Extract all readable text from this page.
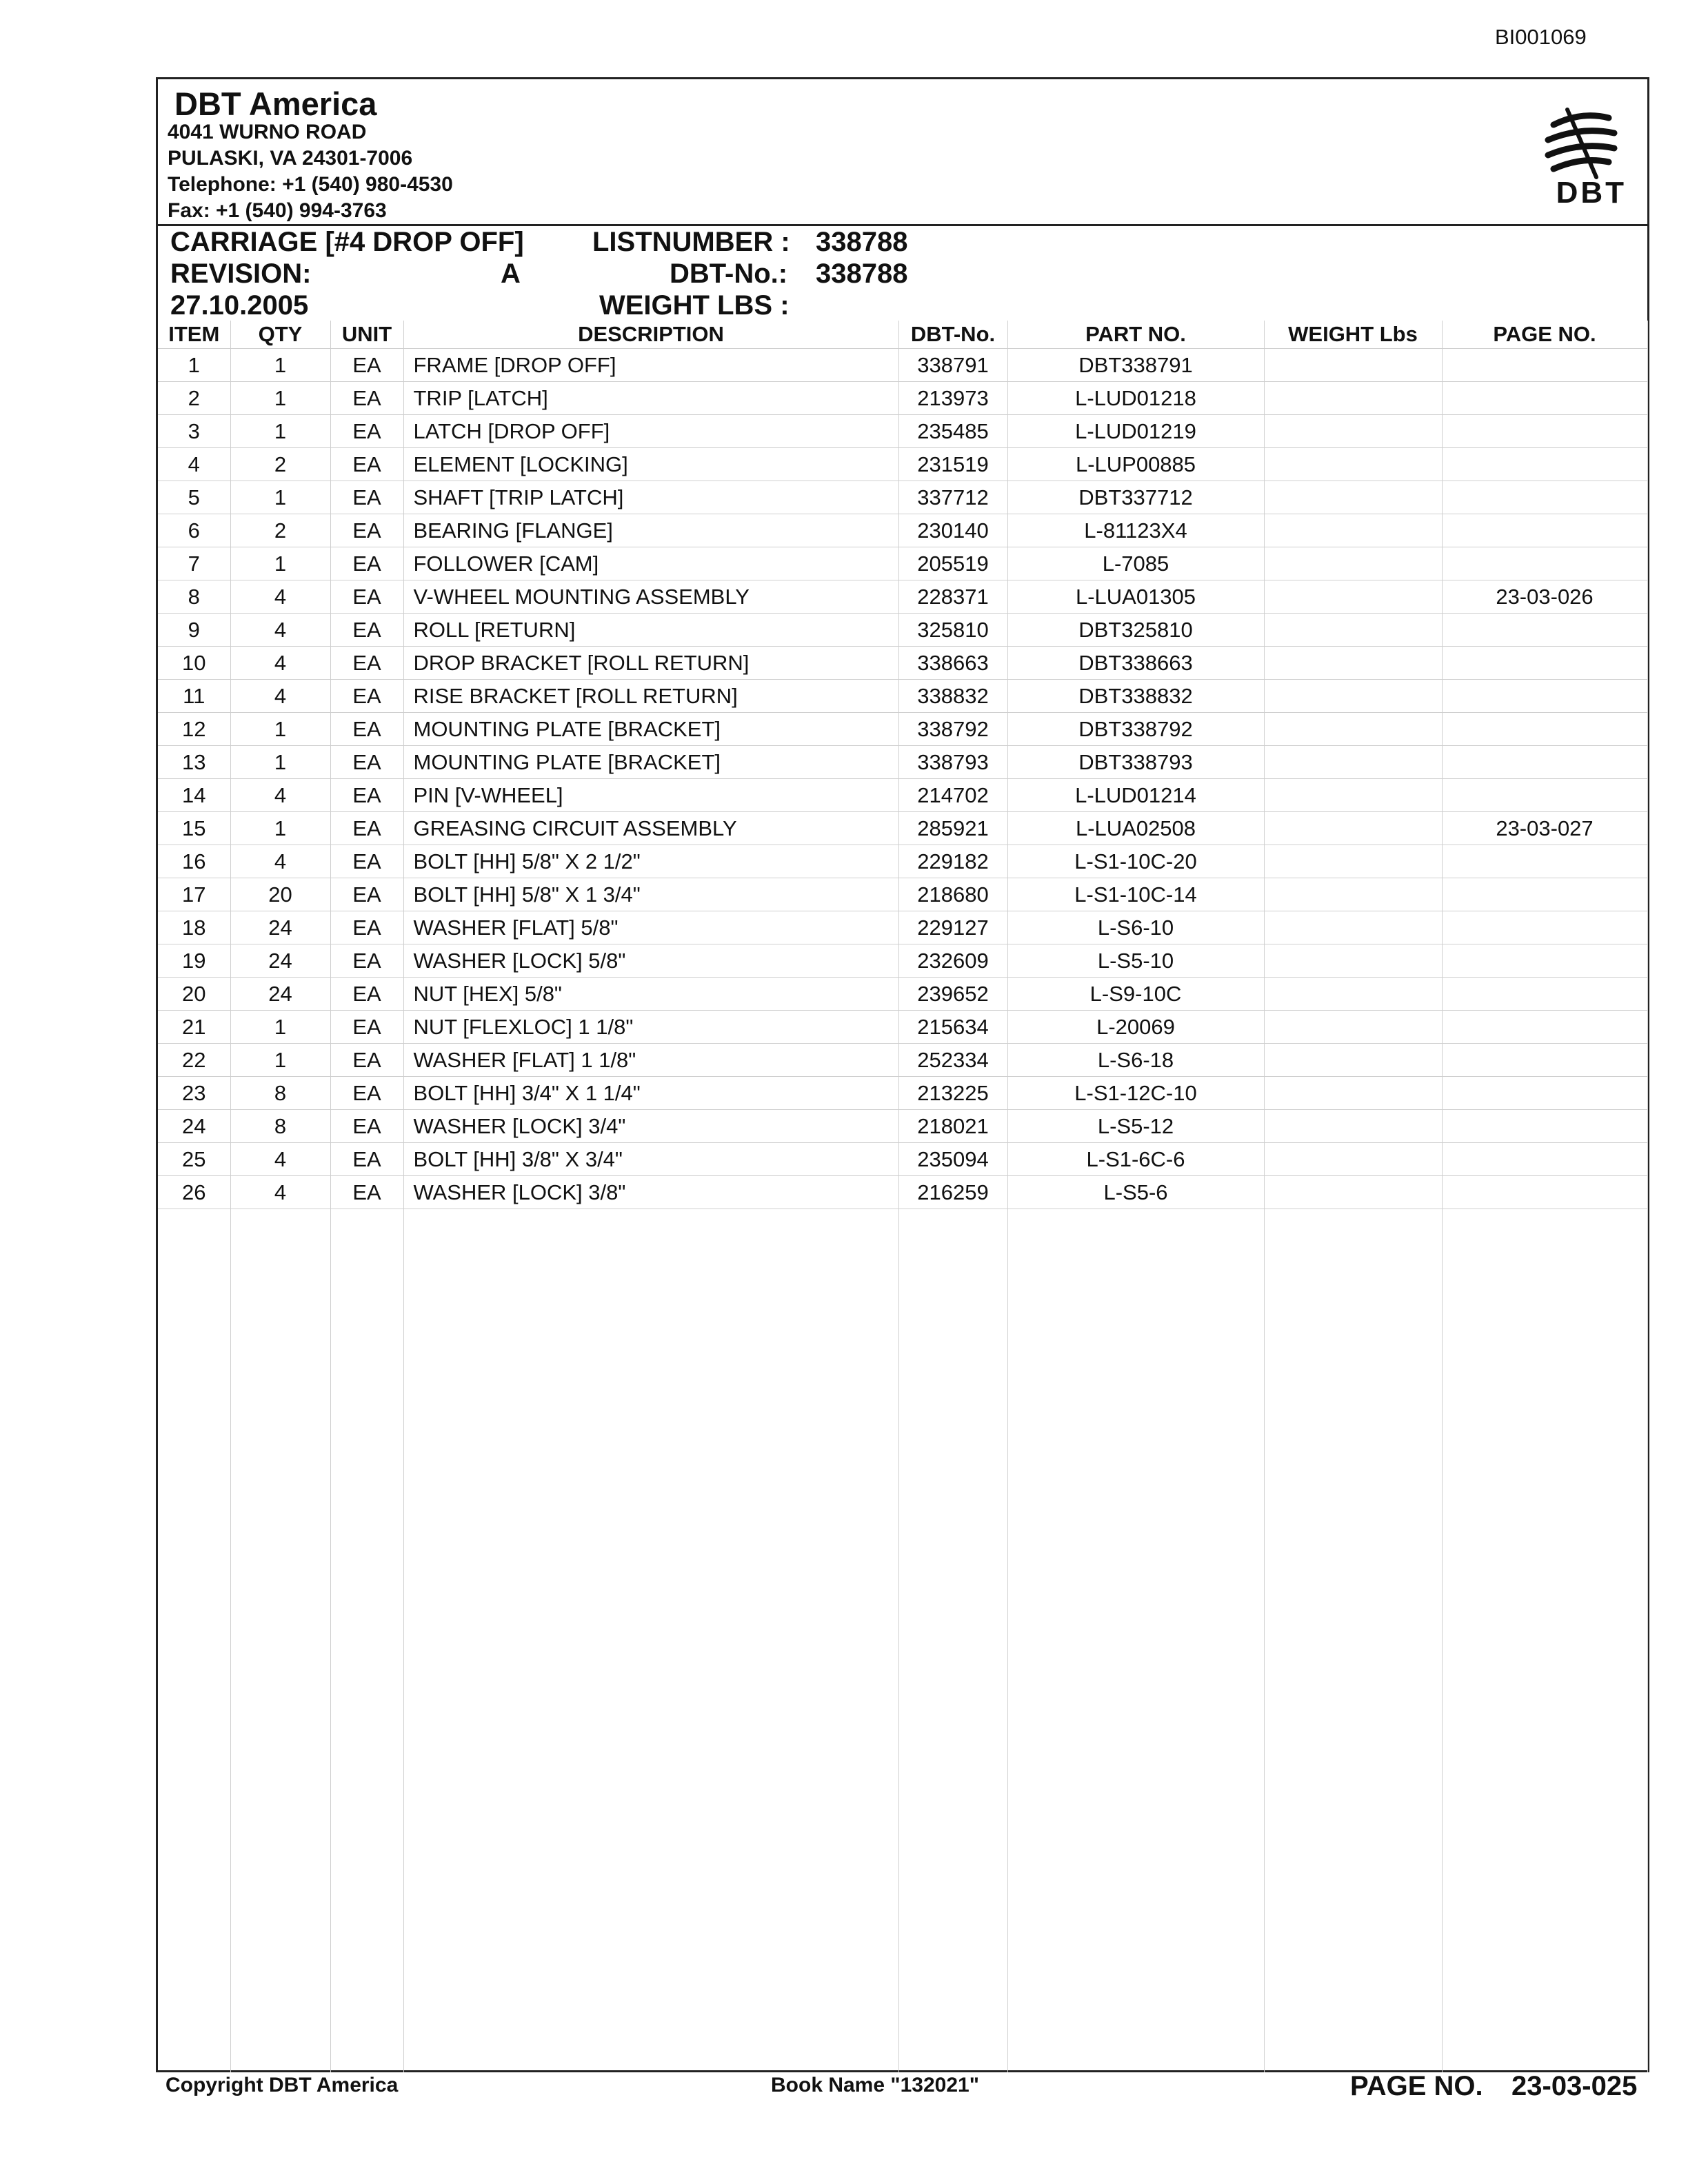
BI001069
DBT America
4041 WURNO ROAD
PULASKI, VA 24301-7006
Telephone: +1 (540) 980-4530
Fax: +1 (540) 994-3763
DBT
CARRIAGE [#4 DROP OFF] LISTNUMBER : 338788
REVISION:	A	DBT-No.: 338788
27.10.2005	WEIGHT LBS :
ITEM	QTY	UNIT	DESCRIPTION	DBT-No.	PART NO.	WEIGHT Lbs	PAGE NO.
1	1	EA	FRAME [DROP OFF]	338791	DBT338791		
2	1	EA	TRIP [LATCH]	213973	L-LUD01218		
3	1	EA	LATCH [DROP OFF]	235485	L-LUD01219		
4	2	EA	ELEMENT [LOCKING]	231519	L-LUP00885		
5	1	EA	SHAFT [TRIP LATCH]	337712	DBT337712		
6	2	EA	BEARING [FLANGE]	230140	L-81123X4		
7	1	EA	FOLLOWER [CAM]	205519	L-7085		
8	4	EA	V-WHEEL MOUNTING ASSEMBLY	228371	L-LUA01305		23-03-026
9	4	EA	ROLL [RETURN]	325810	DBT325810		
10	4	EA	DROP BRACKET [ROLL RETURN]	338663	DBT338663		
11	4	EA	RISE BRACKET [ROLL RETURN]	338832	DBT338832		
12	1	EA	MOUNTING PLATE [BRACKET]	338792	DBT338792		
13	1	EA	MOUNTING PLATE [BRACKET]	338793	DBT338793		
14	4	EA	PIN [V-WHEEL]	214702	L-LUD01214		
15	1	EA	GREASING CIRCUIT ASSEMBLY	285921	L-LUA02508		23-03-027
16	4	EA	BOLT [HH] 5/8" X 2 1/2"	229182	L-S1-10C-20		
17	20	EA	BOLT [HH] 5/8" X 1 3/4"	218680	L-S1-10C-14		
18	24	EA	WASHER [FLAT] 5/8"	229127	L-S6-10		
19	24	EA	WASHER [LOCK] 5/8"	232609	L-S5-10		
20	24	EA	NUT [HEX] 5/8"	239652	L-S9-10C		
21	1	EA	NUT [FLEXLOC] 1 1/8"	215634	L-20069		
22	1	EA	WASHER [FLAT] 1 1/8"	252334	L-S6-18		
23	8	EA	BOLT [HH] 3/4" X 1 1/4"	213225	L-S1-12C-10		
24	8	EA	WASHER [LOCK] 3/4"	218021	L-S5-12		
25	4	EA	BOLT [HH] 3/8" X 3/4"	235094	L-S1-6C-6		
26	4	EA	WASHER [LOCK] 3/8"	216259	L-S5-6		

Copyright DBT America	Book Name "132021"	PAGE NO. 23-03-025
